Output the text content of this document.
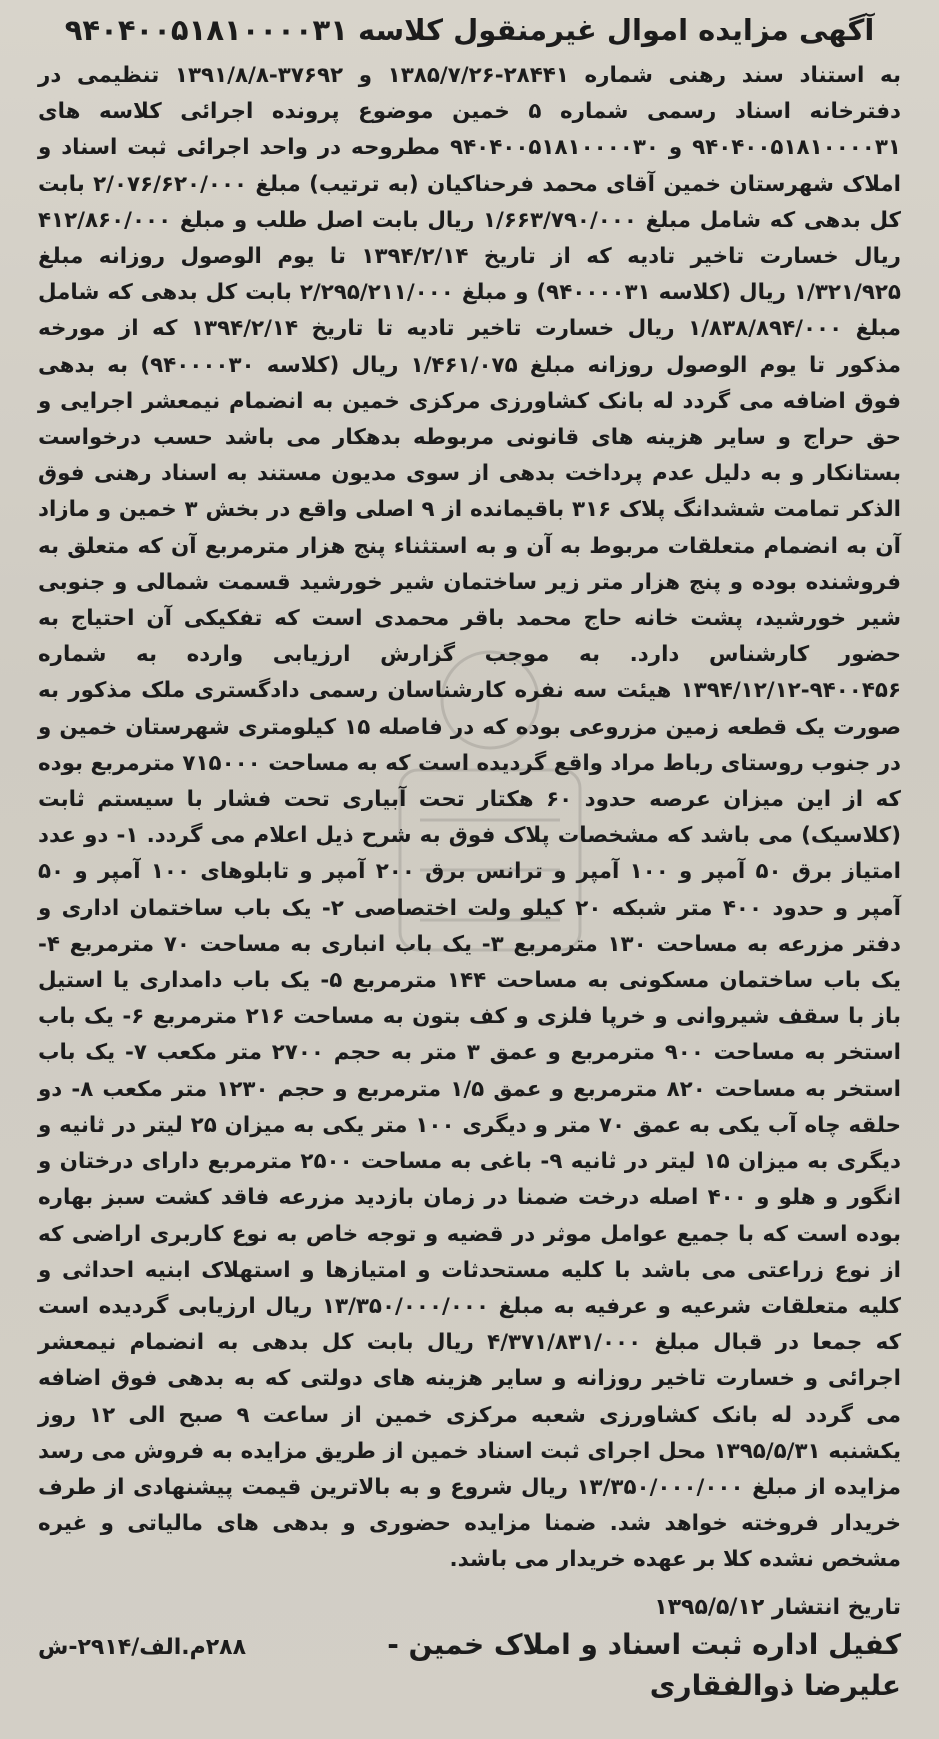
آگهی مزایده اموال غیرمنقول کلاسه ۹۴۰۴۰۰۵۱۸۱۰۰۰۰۳۱

به استناد سند رهنی شماره ۲۸۴۴۱-۱۳۸۵/۷/۲۶ و ۳۷۶۹۲-۱۳۹۱/۸/۸ تنظیمی در دفترخانه اسناد رسمی شماره ۵ خمین موضوع پرونده اجرائی کلاسه های ۹۴۰۴۰۰۵۱۸۱۰۰۰۰۳۱ و ۹۴۰۴۰۰۵۱۸۱۰۰۰۰۳۰ مطروحه در واحد اجرائی ثبت اسناد و املاک شهرستان خمین آقای محمد فرحناکیان (به ترتیب) مبلغ ۲/۰۷۶/۶۲۰/۰۰۰ بابت کل بدهی که شامل مبلغ ۱/۶۶۳/۷۹۰/۰۰۰ ریال بابت اصل طلب و مبلغ ۴۱۲/۸۶۰/۰۰۰ ریال خسارت تاخیر تادیه که از تاریخ ۱۳۹۴/۲/۱۴ تا یوم الوصول روزانه مبلغ ۱/۳۲۱/۹۲۵ ریال (کلاسه ۹۴۰۰۰۰۳۱) و مبلغ ۲/۲۹۵/۲۱۱/۰۰۰ بابت کل بدهی که شامل مبلغ ۱/۸۳۸/۸۹۴/۰۰۰ ریال خسارت تاخیر تادیه تا تاریخ ۱۳۹۴/۲/۱۴ که از مورخه مذکور تا یوم الوصول روزانه مبلغ ۱/۴۶۱/۰۷۵ ریال (کلاسه ۹۴۰۰۰۰۳۰) به بدهی فوق اضافه می گردد له بانک کشاورزی مرکزی خمین به انضمام نیمعشر اجرایی و حق حراج و سایر هزینه های قانونی مربوطه بدهکار می باشد حسب درخواست بستانکار و به دلیل عدم پرداخت بدهی از سوی مدیون مستند به اسناد رهنی فوق الذکر تمامت ششدانگ پلاک ۳۱۶ باقیمانده از ۹ اصلی واقع در بخش ۳ خمین و مازاد آن به انضمام متعلقات مربوط به آن و به استثناء پنج هزار مترمربع آن که متعلق به فروشنده بوده و پنج هزار متر زیر ساختمان شیر خورشید قسمت شمالی و جنوبی شیر خورشید، پشت خانه حاج محمد باقر محمدی است که تفکیکی آن احتیاج به حضور کارشناس دارد. به موجب گزارش ارزیابی وارده به شماره ۹۴۰۰۴۵۶-۱۳۹۴/۱۲/۱۲ هیئت سه نفره کارشناسان رسمی دادگستری ملک مذکور به صورت یک قطعه زمین مزروعی بوده که در فاصله ۱۵ کیلومتری شهرستان خمین و در جنوب روستای رباط مراد واقع گردیده است که به مساحت ۷۱۵۰۰۰ مترمربع بوده که از این میزان عرصه حدود ۶۰ هکتار تحت آبیاری تحت فشار با سیستم ثابت (کلاسیک) می باشد که مشخصات پلاک فوق به شرح ذیل اعلام می گردد. ۱- دو عدد امتیاز برق ۵۰ آمپر و ۱۰۰ آمپر و ترانس برق ۲۰۰ آمپر و تابلوهای ۱۰۰ آمپر و ۵۰ آمپر و حدود ۴۰۰ متر شبکه ۲۰ کیلو ولت اختصاصی ۲- یک باب ساختمان اداری و دفتر مزرعه به مساحت ۱۳۰ مترمربع ۳- یک باب انباری به مساحت ۷۰ مترمربع ۴- یک باب ساختمان مسکونی به مساحت ۱۴۴ مترمربع ۵- یک باب دامداری یا استیل باز با سقف شیروانی و خرپا فلزی و کف بتون به مساحت ۲۱۶ مترمربع ۶- یک باب استخر به مساحت ۹۰۰ مترمربع و عمق ۳ متر به حجم ۲۷۰۰ متر مکعب ۷- یک باب استخر به مساحت ۸۲۰ مترمربع و عمق ۱/۵ مترمربع و حجم ۱۲۳۰ متر مکعب ۸- دو حلقه چاه آب یکی به عمق ۷۰ متر و دیگری ۱۰۰ متر یکی به میزان ۲۵ لیتر در ثانیه و دیگری به میزان ۱۵ لیتر در ثانیه ۹- باغی به مساحت ۲۵۰۰ مترمربع دارای درختان و انگور و هلو و ۴۰۰ اصله درخت ضمنا در زمان بازدید مزرعه فاقد کشت سبز بهاره بوده است که با جمیع عوامل موثر در قضیه و توجه خاص به نوع کاربری اراضی که از نوع زراعتی می باشد با کلیه مستحدثات و امتیازها و استهلاک ابنیه احداثی و کلیه متعلقات شرعیه و عرفیه به مبلغ ۱۳/۳۵۰/۰۰۰/۰۰۰ ریال ارزیابی گردیده است که جمعا در قبال مبلغ ۴/۳۷۱/۸۳۱/۰۰۰ ریال بابت کل بدهی به انضمام نیمعشر اجرائی و خسارت تاخیر روزانه و سایر هزینه های دولتی که به بدهی فوق اضافه می گردد له بانک کشاورزی شعبه مرکزی خمین از ساعت ۹ صبح الی ۱۲ روز یکشنبه ۱۳۹۵/۵/۳۱ محل اجرای ثبت اسناد خمین از طریق مزایده به فروش می رسد مزایده از مبلغ ۱۳/۳۵۰/۰۰۰/۰۰۰ ریال شروع و به بالاترین قیمت پیشنهادی از طرف خریدار فروخته خواهد شد. ضمنا مزایده حضوری و بدهی های مالیاتی و غیره مشخص نشده کلا بر عهده خریدار می باشد.

تاریخ انتشار ۱۳۹۵/۵/۱۲

کفیل اداره ثبت اسناد و املاک خمین -
۲۸۸م.الف/۲۹۱۴-ش
علیرضا ذوالفقاری
